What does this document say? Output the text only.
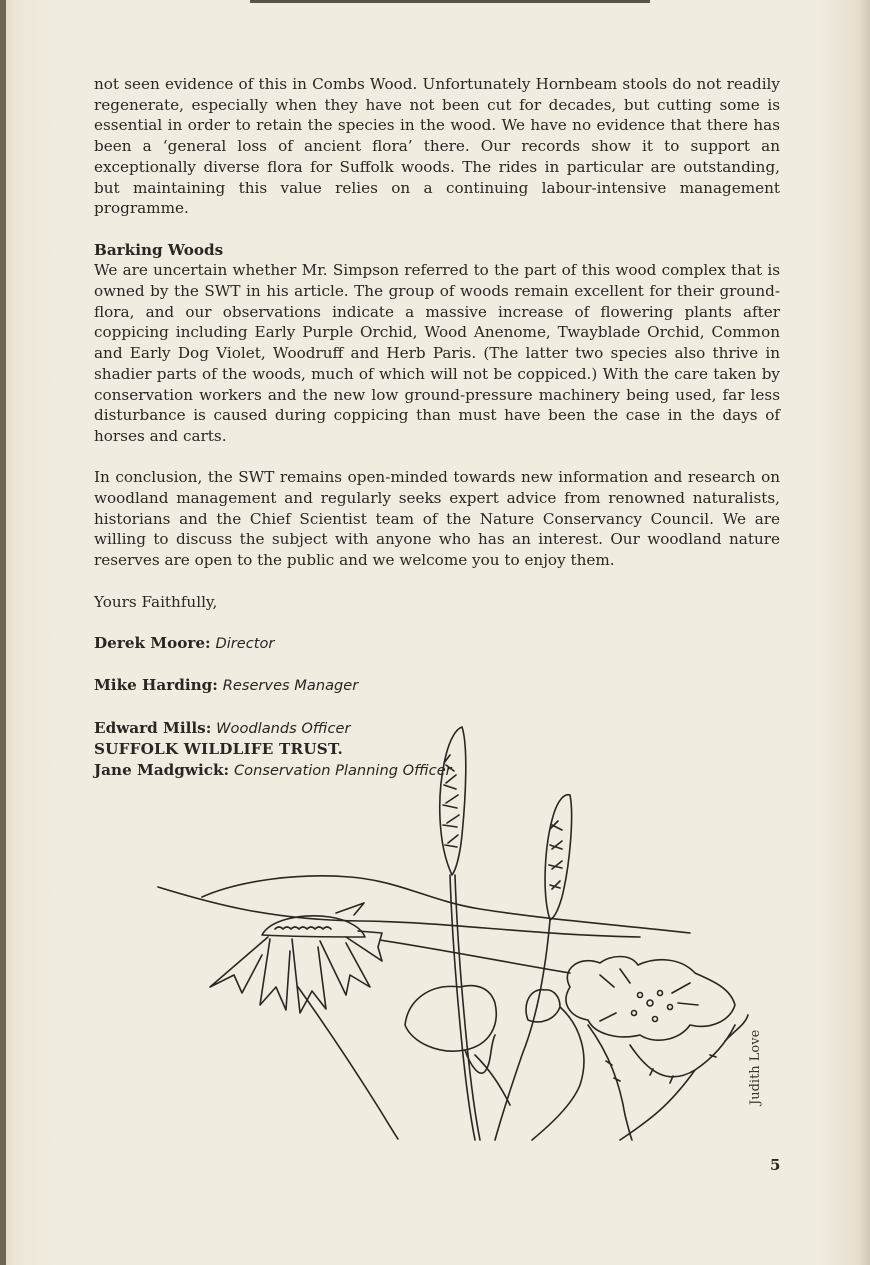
not seen evidence of this in Combs Wood. Unfortunately Hornbeam stools do not readily regenerate, especially when they have not been cut for decades, but cutting some is essential in order to retain the species in the wood. We have no evidence that there has been a ‘general loss of ancient flora’ there. Our records show it to support an exceptionally diverse flora for Suffolk woods. The rides in particular are outstanding, but maintaining this value relies on a continuing labour-intensive management programme.

Barking Woods
We are uncertain whether Mr. Simpson referred to the part of this wood complex that is owned by the SWT in his article. The group of woods remain excellent for their ground-flora, and our observations indicate a massive increase of flowering plants after coppicing including Early Purple Orchid, Wood Anenome, Twayblade Orchid, Common and Early Dog Violet, Woodruff and Herb Paris. (The latter two species also thrive in shadier parts of the woods, much of which will not be coppiced.) With the care taken by conservation workers and the new low ground-pressure machinery being used, far less disturbance is caused during coppicing than must have been the case in the days of horses and carts.

In conclusion, the SWT remains open-minded towards new information and research on woodland management and regularly seeks expert advice from renowned naturalists, historians and the Chief Scientist team of the Nature Conservancy Council. We are willing to discuss the subject with anyone who has an interest. Our woodland nature reserves are open to the public and we welcome you to enjoy them.

Yours Faithfully,

Derek Moore: Director

Mike Harding: Reserves Manager

Edward Mills: Woodlands Officer

Jane Madgwick: Conservation Planning Officer

SUFFOLK WILDLIFE TRUST.
Judith Love
5
